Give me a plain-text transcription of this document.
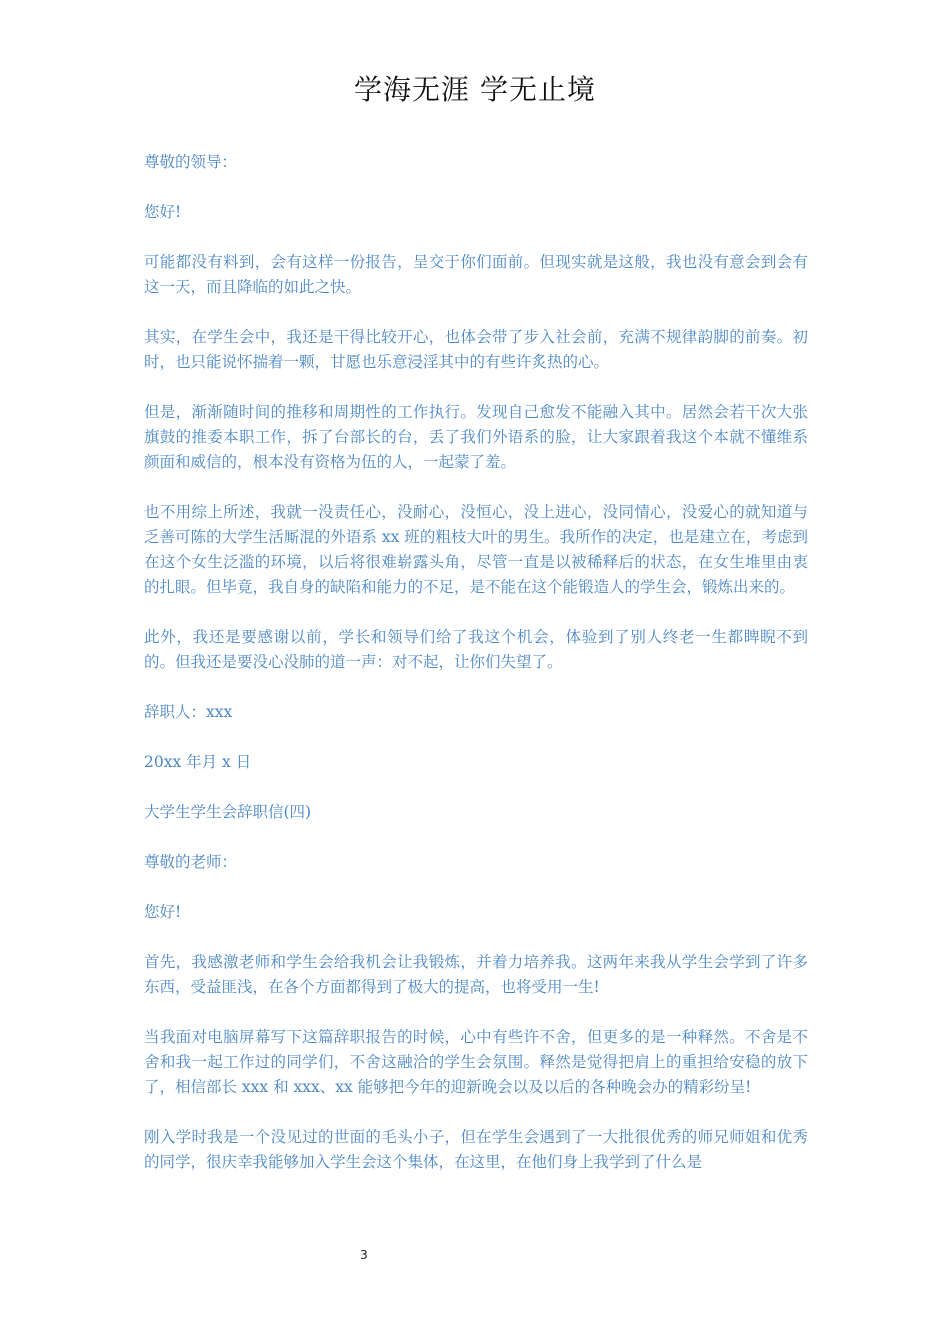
学海无涯 学无止境

尊敬的领导：

您好!

可能都没有料到，会有这样一份报告，呈交于你们面前。但现实就是这般，我也没有意会到会有这一天，而且降临的如此之快。

其实，在学生会中，我还是干得比较开心，也体会带了步入社会前，充满不规律韵脚的前奏。初时，也只能说怀揣着一颗，甘愿也乐意浸淫其中的有些许炙热的心。

但是，渐渐随时间的推移和周期性的工作执行。发现自己愈发不能融入其中。居然会若干次大张旗鼓的推委本职工作，拆了台部长的台，丢了我们外语系的脸，让大家跟着我这个本就不懂维系颜面和威信的，根本没有资格为伍的人，一起蒙了羞。

也不用综上所述，我就一没责任心，没耐心，没恒心，没上进心，没同情心，没爱心的就知道与乏善可陈的大学生活厮混的外语系 xx 班的粗枝大叶的男生。我所作的决定，也是建立在，考虑到在这个女生泛滥的环境，以后将很难崭露头角，尽管一直是以被稀释后的状态，在女生堆里由衷的扎眼。但毕竟，我自身的缺陷和能力的不足，是不能在这个能锻造人的学生会，锻炼出来的。

此外，我还是要感谢以前，学长和领导们给了我这个机会，体验到了别人终老一生都睥睨不到的。但我还是要没心没肺的道一声：对不起，让你们失望了。

辞职人：xxx

20xx 年月 x 日

大学生学生会辞职信(四)

尊敬的老师：

您好!

首先，我感激老师和学生会给我机会让我锻炼，并着力培养我。这两年来我从学生会学到了许多东西，受益匪浅，在各个方面都得到了极大的提高，也将受用一生!

当我面对电脑屏幕写下这篇辞职报告的时候，心中有些许不舍，但更多的是一种释然。不舍是不舍和我一起工作过的同学们，不舍这融洽的学生会氛围。释然是觉得把肩上的重担给安稳的放下了，相信部长 xxx 和 xxx、xx 能够把今年的迎新晚会以及以后的各种晚会办的精彩纷呈!

刚入学时我是一个没见过的世面的毛头小子，但在学生会遇到了一大批很优秀的师兄师姐和优秀的同学，很庆幸我能够加入学生会这个集体，在这里，在他们身上我学到了什么是

3
